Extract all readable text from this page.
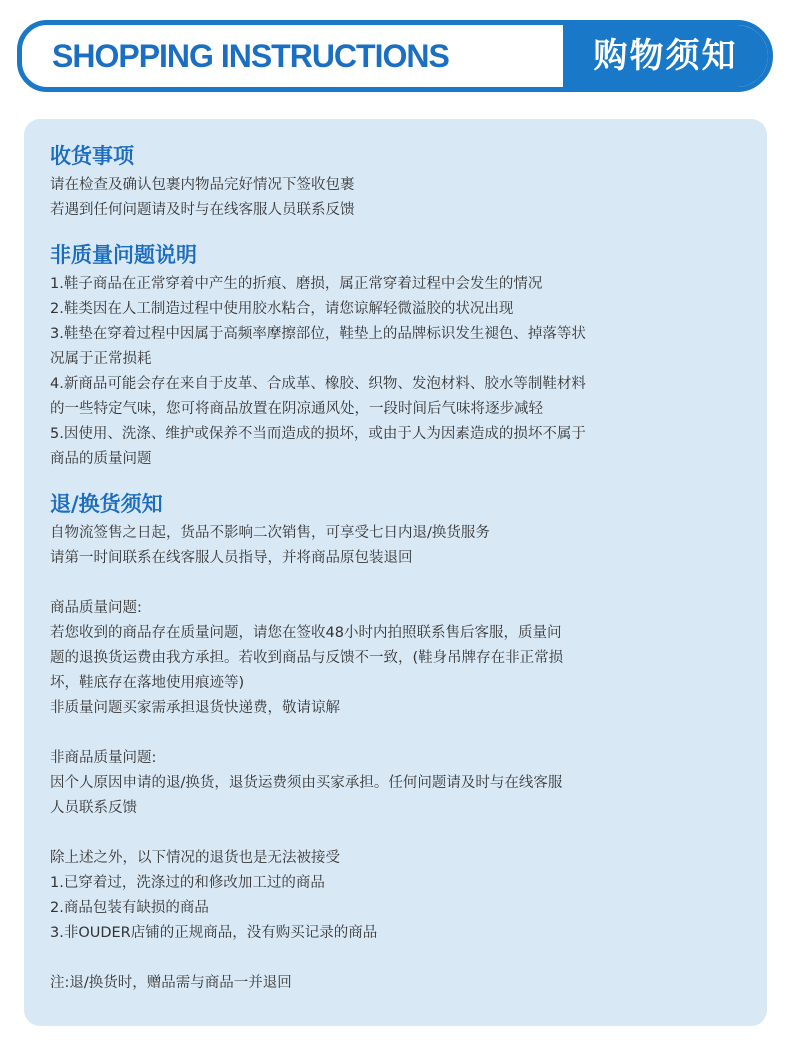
SHOPPING INSTRUCTIONS	购物须知
收货事项
请在检查及确认包裹内物品完好情况下签收包裹
若遇到任何问题请及时与在线客服人员联系反馈
非质量问题说明
1.鞋子商品在正常穿着中产生的折痕、磨损，属正常穿着过程中会发生的情况
2.鞋类因在人工制造过程中使用胶水粘合，请您谅解轻微溢胶的状况出现
3.鞋垫在穿着过程中因属于高频率摩擦部位，鞋垫上的品牌标识发生褪色、掉落等状
况属于正常损耗
4.新商品可能会存在来自于皮革、合成革、橡胶、织物、发泡材料、胶水等制鞋材料
的一些特定气味，您可将商品放置在阴凉通风处，一段时间后气味将逐步减轻
5.因使用、洗涤、维护或保养不当而造成的损坏，或由于人为因素造成的损坏不属于
商品的质量问题
退/换货须知
自物流签售之日起，货品不影响二次销售，可享受七日内退/换货服务
请第一时间联系在线客服人员指导，并将商品原包装退回
商品质量问题:
若您收到的商品存在质量问题，请您在签收48小时内拍照联系售后客服，质量问
题的退换货运费由我方承担。若收到商品与反馈不一致，(鞋身吊牌存在非正常损
坏，鞋底存在落地使用痕迹等)
非质量问题买家需承担退货快递费，敬请谅解
非商品质量问题:
因个人原因申请的退/换货，退货运费须由买家承担。任何问题请及时与在线客服
人员联系反馈
除上述之外，以下情况的退货也是无法被接受
1.已穿着过，洗涤过的和修改加工过的商品
2.商品包装有缺损的商品
3.非OUDER店铺的正规商品，没有购买记录的商品
注:退/换货时，赠品需与商品一并退回
